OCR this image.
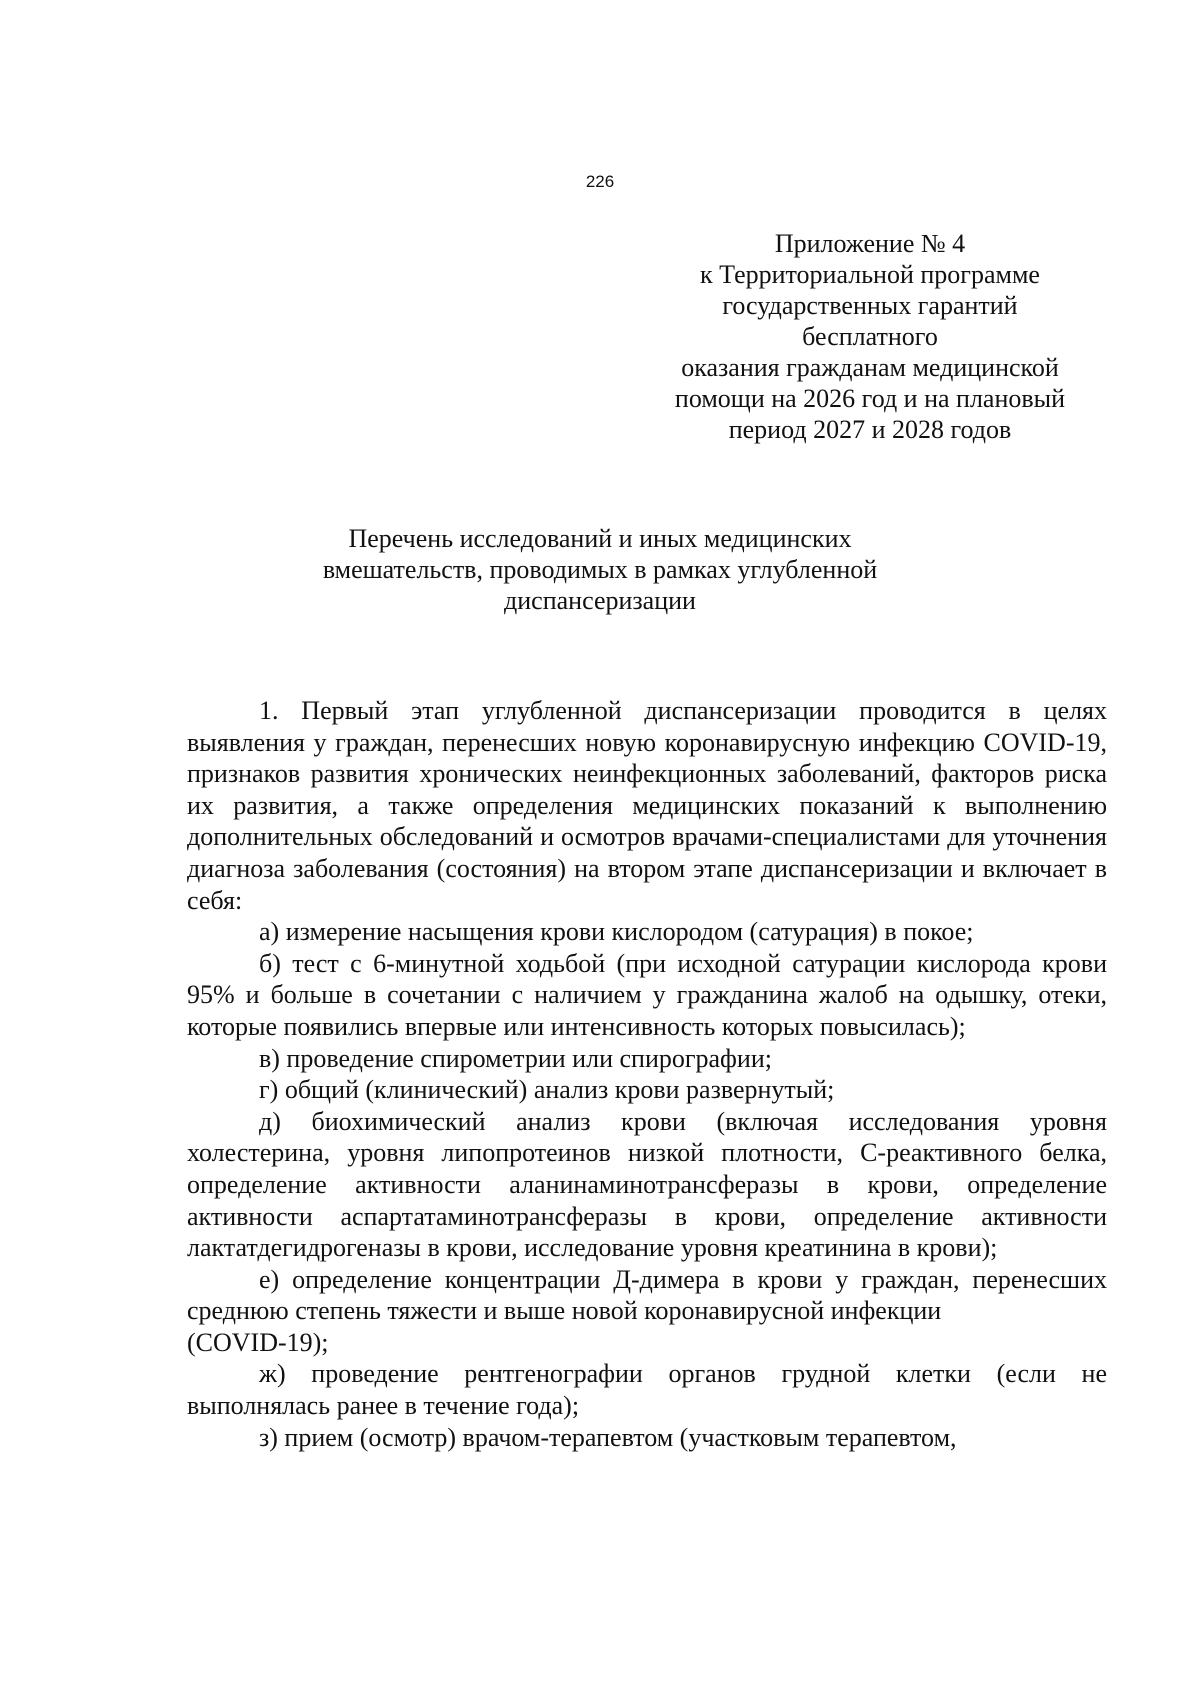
226
Приложение № 4
к Территориальной программе
государственных гарантий
бесплатного
оказания гражданам медицинской
помощи на 2026 год и на плановый
период 2027 и 2028 годов
Перечень исследований и иных медицинских
вмешательств, проводимых в рамках углубленной
диспансеризации

1. Первый этап углубленной диспансеризации проводится в целях выявления у граждан, перенесших новую коронавирусную инфекцию COVID-19, признаков развития хронических неинфекционных заболеваний, факторов риска их развития, а также определения медицинских показаний к выполнению дополнительных обследований и осмотров врачами-специалистами для уточнения диагноза заболевания (состояния) на втором этапе диспансеризации и включает в себя:

а) измерение насыщения крови кислородом (сатурация) в покое;

б) тест с 6-минутной ходьбой (при исходной сатурации кислорода крови 95% и больше в сочетании с наличием у гражданина жалоб на одышку, отеки, которые появились впервые или интенсивность которых повысилась);

в) проведение спирометрии или спирографии;

г) общий (клинический) анализ крови развернутый;

д) биохимический анализ крови (включая исследования уровня холестерина, уровня липопротеинов низкой плотности, С-реактивного белка, определение активности аланинаминотрансферазы в крови, определение активности аспартатаминотрансферазы в крови, определение активности лактатдегидрогеназы в крови, исследование уровня креатинина в крови);

е) определение концентрации Д-димера в крови у граждан, перенесших среднюю степень тяжести и выше новой коронавирусной инфекции

(COVID-19);

ж) проведение рентгенографии органов грудной клетки (если не выполнялась ранее в течение года);

з) прием (осмотр) врачом-терапевтом (участковым терапевтом,
